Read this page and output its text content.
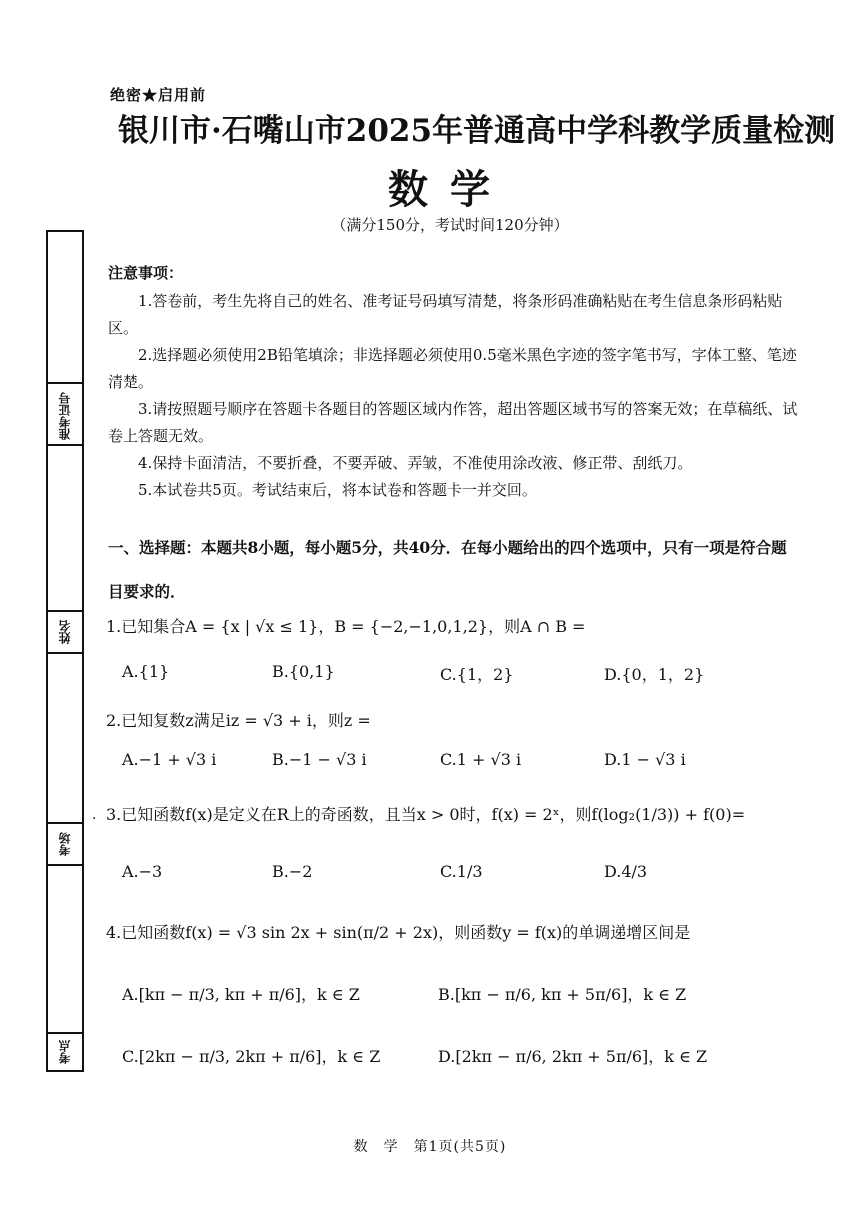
绝密★启用前
银川市·石嘴山市2025年普通高中学科教学质量检测
数学
（满分150分，考试时间120分钟）
准考证号
姓名
考场
考点
注意事项：

1.答卷前，考生先将自己的姓名、准考证号码填写清楚，将条形码准确粘贴在考生信息条形码粘贴区。

2.选择题必须使用2B铅笔填涂；非选择题必须使用0.5毫米黑色字迹的签字笔书写，字体工整、笔迹清楚。

3.请按照题号顺序在答题卡各题目的答题区域内作答，超出答题区域书写的答案无效；在草稿纸、试卷上答题无效。

4.保持卡面清洁，不要折叠，不要弄破、弄皱，不准使用涂改液、修正带、刮纸刀。

5.本试卷共5页。考试结束后，将本试卷和答题卡一并交回。

一、选择题：本题共8小题，每小题5分，共40分．在每小题给出的四个选项中，只有一项是符合题目要求的．
1.已知集合A = {x | √x ≤ 1}，B = {−2,−1,0,1,2}，则A ∩ B =
A.{1}	B.{0,1}	C.{1，2}	D.{0，1，2}
2.已知复数z满足iz = √3 + i，则z =
A.−1 + √3 i	B.−1 − √3 i	C.1 + √3 i	D.1 − √3 i
· 3.已知函数f(x)是定义在R上的奇函数，且当x > 0时，f(x) = 2ˣ，则f(log₂(1/3)) + f(0)=
A.−3	B.−2	C.1/3	D.4/3
4.已知函数f(x) = √3 sin 2x + sin(π/2 + 2x)，则函数y = f(x)的单调递增区间是
A.[kπ − π/3, kπ + π/6]，k ∈ Z	B.[kπ − π/6, kπ + 5π/6]，k ∈ Z
C.[2kπ − π/3, 2kπ + π/6]，k ∈ Z	D.[2kπ − π/6, 2kπ + 5π/6]，k ∈ Z
数　学　第1页(共5页)
